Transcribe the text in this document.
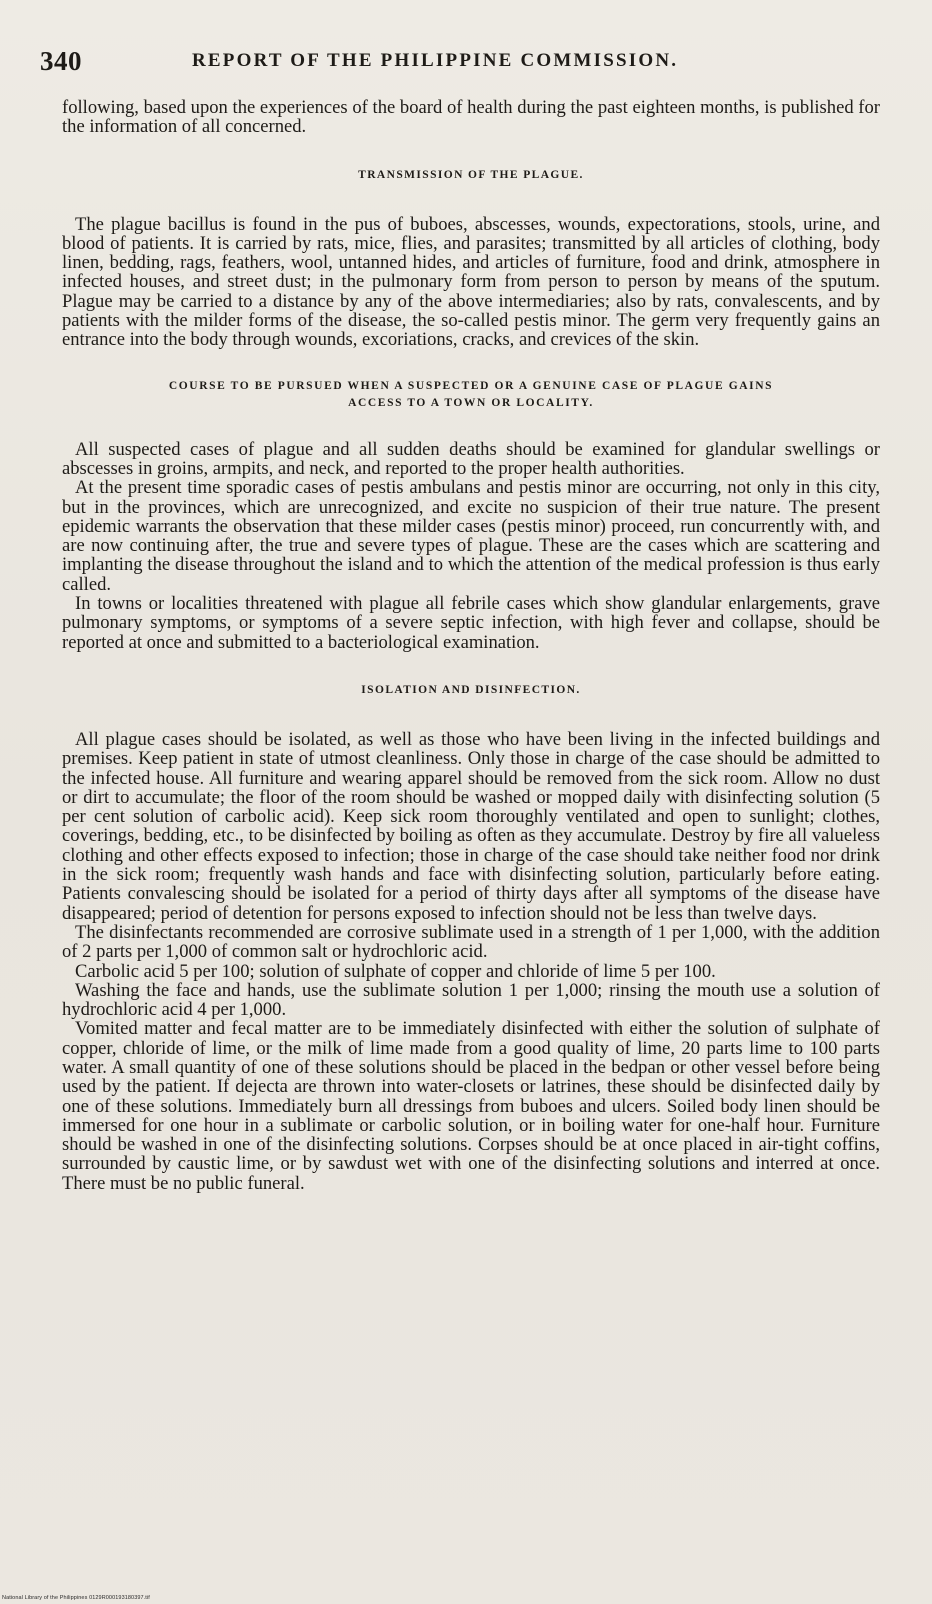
340	REPORT OF THE PHILIPPINE COMMISSION.

following, based upon the experiences of the board of health during the past eighteen months, is published for the information of all concerned.

TRANSMISSION OF THE PLAGUE.

The plague bacillus is found in the pus of buboes, abscesses, wounds, expectorations, stools, urine, and blood of patients. It is carried by rats, mice, flies, and parasites; transmitted by all articles of clothing, body linen, bedding, rags, feathers, wool, untanned hides, and articles of furniture, food and drink, atmosphere in infected houses, and street dust; in the pulmonary form from person to person by means of the sputum. Plague may be carried to a distance by any of the above intermediaries; also by rats, convalescents, and by patients with the milder forms of the disease, the so-called pestis minor. The germ very frequently gains an entrance into the body through wounds, excoriations, cracks, and crevices of the skin.

COURSE TO BE PURSUED WHEN A SUSPECTED OR A GENUINE CASE OF PLAGUE GAINS
ACCESS TO A TOWN OR LOCALITY.

All suspected cases of plague and all sudden deaths should be examined for glandular swellings or abscesses in groins, armpits, and neck, and reported to the proper health authorities.

At the present time sporadic cases of pestis ambulans and pestis minor are occurring, not only in this city, but in the provinces, which are unrecognized, and excite no suspicion of their true nature. The present epidemic warrants the observation that these milder cases (pestis minor) proceed, run concurrently with, and are now continuing after, the true and severe types of plague. These are the cases which are scattering and implanting the disease throughout the island and to which the attention of the medical profession is thus early called.

In towns or localities threatened with plague all febrile cases which show glandular enlargements, grave pulmonary symptoms, or symptoms of a severe septic infection, with high fever and collapse, should be reported at once and submitted to a bacteriological examination.

ISOLATION AND DISINFECTION.

All plague cases should be isolated, as well as those who have been living in the infected buildings and premises. Keep patient in state of utmost cleanliness. Only those in charge of the case should be admitted to the infected house. All furniture and wearing apparel should be removed from the sick room. Allow no dust or dirt to accumulate; the floor of the room should be washed or mopped daily with disinfecting solution (5 per cent solution of carbolic acid). Keep sick room thoroughly ventilated and open to sunlight; clothes, coverings, bedding, etc., to be disinfected by boiling as often as they accumulate. Destroy by fire all valueless clothing and other effects exposed to infection; those in charge of the case should take neither food nor drink in the sick room; frequently wash hands and face with disinfecting solution, particularly before eating. Patients convalescing should be isolated for a period of thirty days after all symptoms of the disease have disappeared; period of detention for persons exposed to infection should not be less than twelve days.

The disinfectants recommended are corrosive sublimate used in a strength of 1 per 1,000, with the addition of 2 parts per 1,000 of common salt or hydrochloric acid.

Carbolic acid 5 per 100; solution of sulphate of copper and chloride of lime 5 per 100.

Washing the face and hands, use the sublimate solution 1 per 1,000; rinsing the mouth use a solution of hydrochloric acid 4 per 1,000.

Vomited matter and fecal matter are to be immediately disinfected with either the solution of sulphate of copper, chloride of lime, or the milk of lime made from a good quality of lime, 20 parts lime to 100 parts water. A small quantity of one of these solutions should be placed in the bedpan or other vessel before being used by the patient. If dejecta are thrown into water-closets or latrines, these should be disinfected daily by one of these solutions. Immediately burn all dressings from buboes and ulcers. Soiled body linen should be immersed for one hour in a sublimate or carbolic solution, or in boiling water for one-half hour. Furniture should be washed in one of the disinfecting solutions. Corpses should be at once placed in air-tight coffins, surrounded by caustic lime, or by sawdust wet with one of the disinfecting solutions and interred at once. There must be no public funeral.

National Library of the Philippines 0129R000193180397.tif
